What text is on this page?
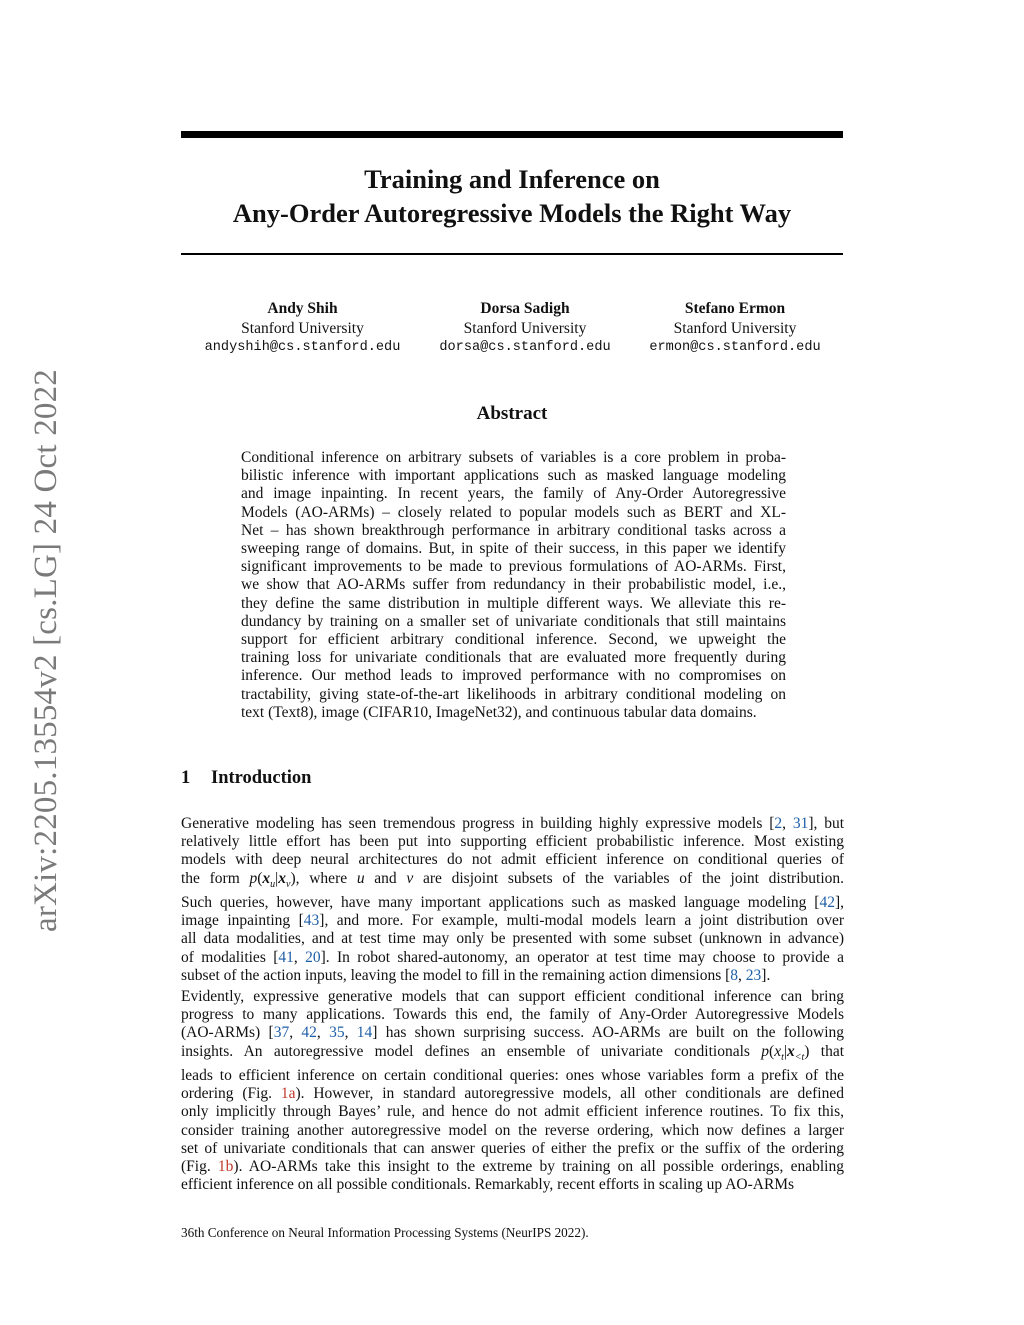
arXiv:2205.13554v2 [cs.LG] 24 Oct 2022
Training and Inference on
Any-Order Autoregressive Models the Right Way
Andy Shih
Stanford University
andyshih@cs.stanford.edu
Dorsa Sadigh
Stanford University
dorsa@cs.stanford.edu
Stefano Ermon
Stanford University
ermon@cs.stanford.edu
Abstract
Conditional inference on arbitrary subsets of variables is a core problem in proba-
bilistic inference with important applications such as masked language modeling
and image inpainting. In recent years, the family of Any-Order Autoregressive
Models (AO-ARMs) – closely related to popular models such as BERT and XL-
Net – has shown breakthrough performance in arbitrary conditional tasks across a
sweeping range of domains. But, in spite of their success, in this paper we identify
significant improvements to be made to previous formulations of AO-ARMs. First,
we show that AO-ARMs suffer from redundancy in their probabilistic model, i.e.,
they define the same distribution in multiple different ways. We alleviate this re-
dundancy by training on a smaller set of univariate conditionals that still maintains
support for efficient arbitrary conditional inference. Second, we upweight the
training loss for univariate conditionals that are evaluated more frequently during
inference. Our method leads to improved performance with no compromises on
tractability, giving state-of-the-art likelihoods in arbitrary conditional modeling on
text (Text8), image (CIFAR10, ImageNet32), and continuous tabular data domains.
1 Introduction
Generative modeling has seen tremendous progress in building highly expressive models [2, 31], but
relatively little effort has been put into supporting efficient probabilistic inference. Most existing
models with deep neural architectures do not admit efficient inference on conditional queries of
the form $p(x_u|x_v)$, where u and v are disjoint subsets of the variables of the joint distribution.
Such queries, however, have many important applications such as masked language modeling [42],
image inpainting [43], and more. For example, multi-modal models learn a joint distribution over
all data modalities, and at test time may only be presented with some subset (unknown in advance)
of modalities [41, 20]. In robot shared-autonomy, an operator at test time may choose to provide a
subset of the action inputs, leaving the model to fill in the remaining action dimensions [8, 23].
Evidently, expressive generative models that can support efficient conditional inference can bring
progress to many applications. Towards this end, the family of Any-Order Autoregressive Models
(AO-ARMs) [37, 42, 35, 14] has shown surprising success. AO-ARMs are built on the following
insights. An autoregressive model defines an ensemble of univariate conditionals $p(x_t|x_{<t})$ that
leads to efficient inference on certain conditional queries: ones whose variables form a prefix of the
ordering (Fig. 1a). However, in standard autoregressive models, all other conditionals are defined
only implicitly through Bayes’ rule, and hence do not admit efficient inference routines. To fix this,
consider training another autoregressive model on the reverse ordering, which now defines a larger
set of univariate conditionals that can answer queries of either the prefix or the suffix of the ordering
(Fig. 1b). AO-ARMs take this insight to the extreme by training on all possible orderings, enabling
efficient inference on all possible conditionals. Remarkably, recent efforts in scaling up AO-ARMs
36th Conference on Neural Information Processing Systems (NeurIPS 2022).
